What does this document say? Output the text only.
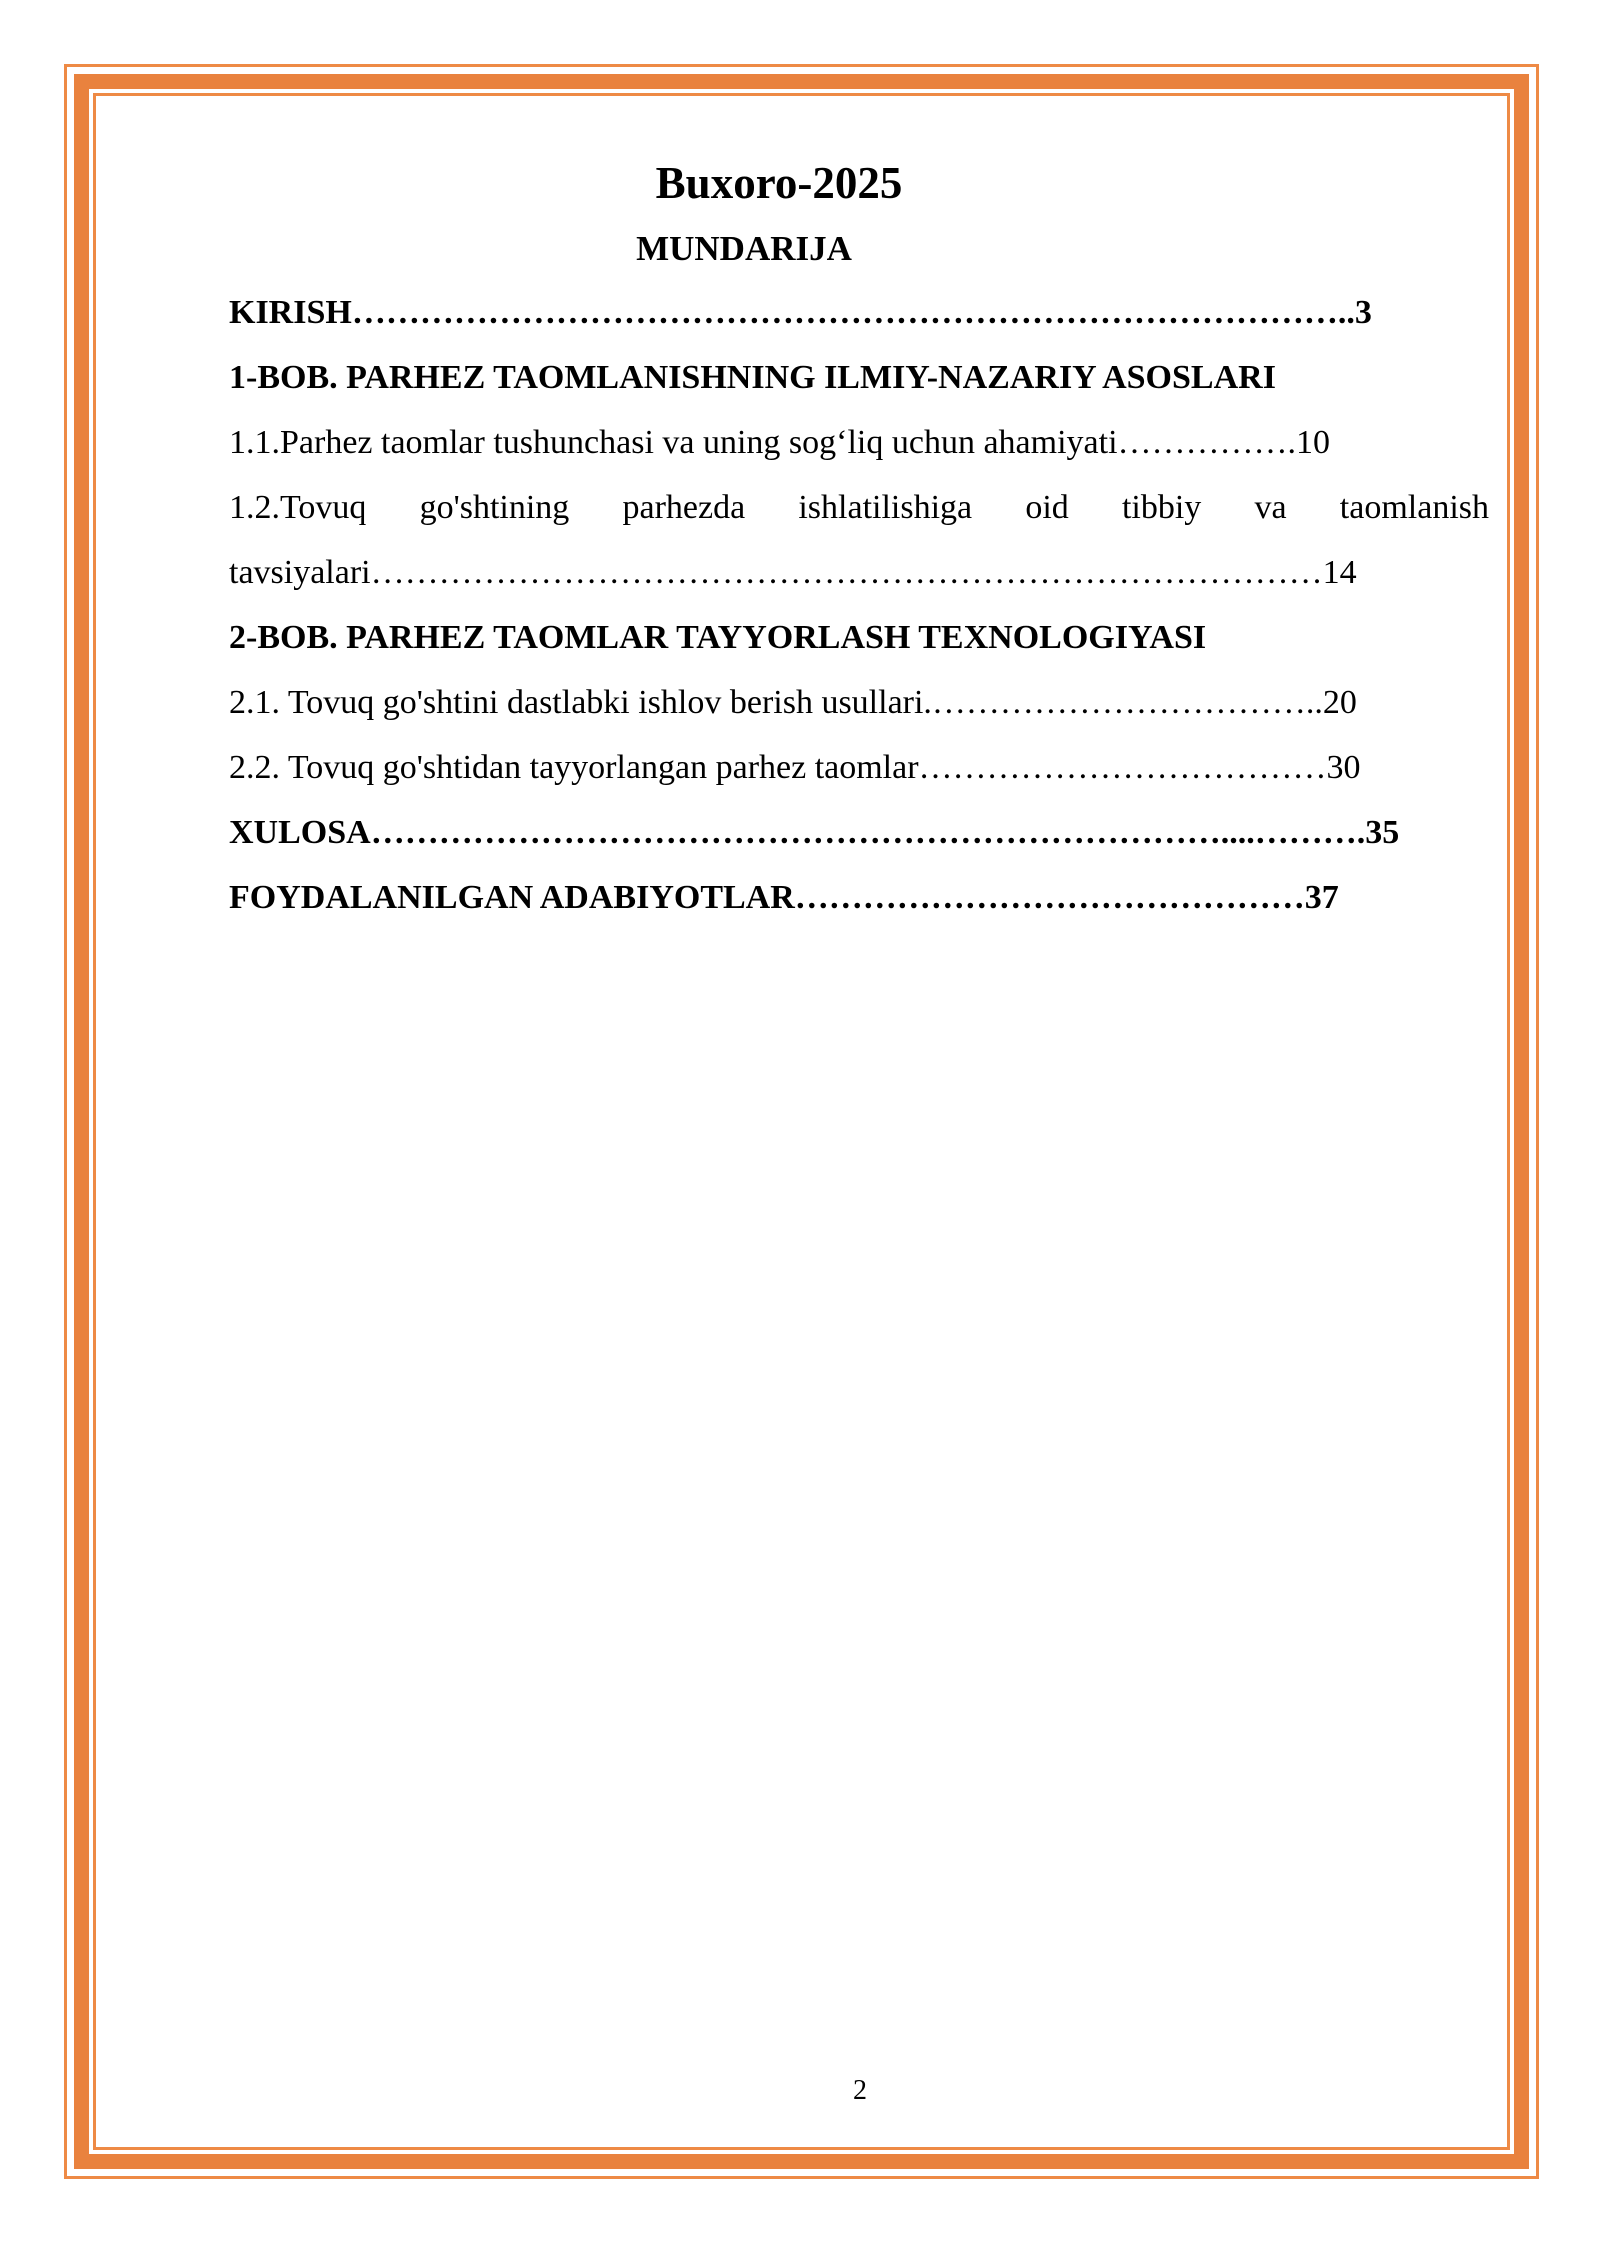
Buxoro-2025
MUNDARIJA
KIRISH……………………………………………………………………………..3
1-BOB. PARHEZ TAOMLANISHNING ILMIY-NAZARIY ASOSLARI
1.1.Parhez taomlar tushunchasi va uning sog‘liq uchun ahamiyati…………….10
1.2.Tovuq go'shtining parhezda ishlatilishiga oid tibbiy va taomlanish
tavsiyalari…………………………………………………………………………14
2-BOB. PARHEZ TAOMLAR TAYYORLASH TEXNOLOGIYASI
2.1. Tovuq go'shtini dastlabki ishlov berish usullari.……………………………..20
2.2. Tovuq go'shtidan tayyorlangan parhez taomlar………………………………30
XULOSA…………………………………………………………………....……….35
FOYDALANILGAN ADABIYOTLAR………………………………………37
2
